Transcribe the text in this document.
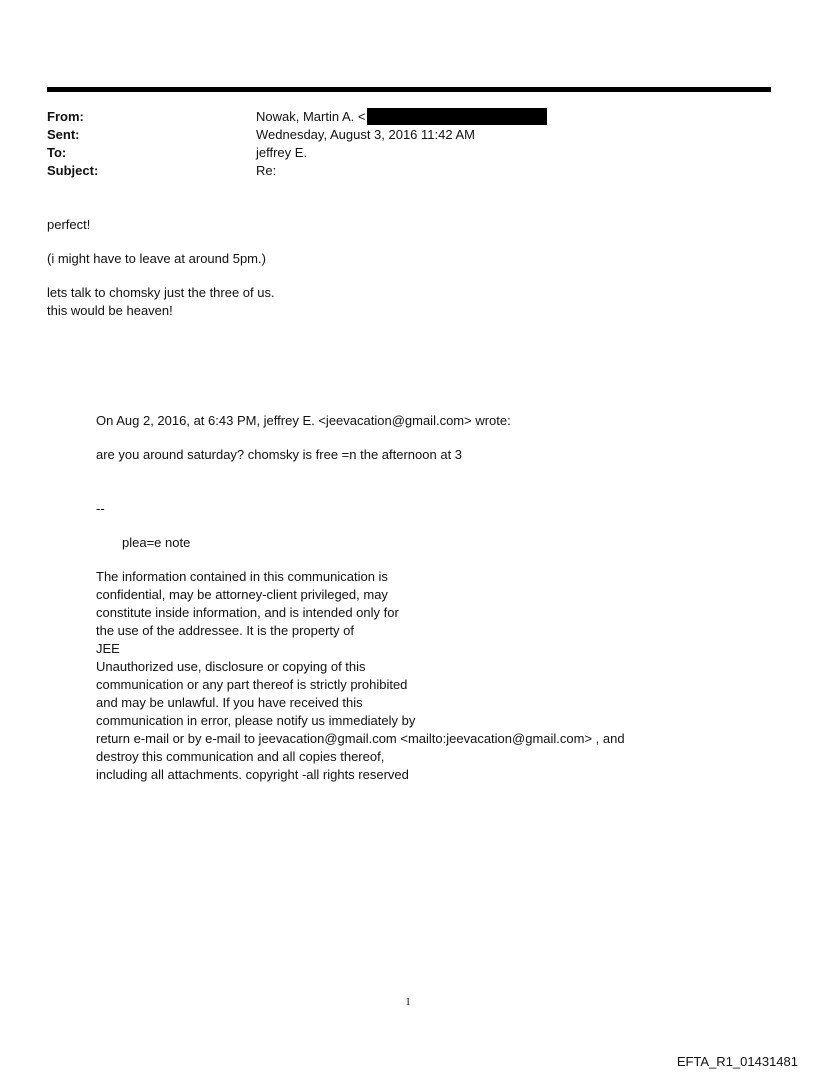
From:	Nowak, Martin A. <
Sent:	Wednesday, August 3, 2016 11:42 AM
To:	jeffrey E.
Subject:	Re:

perfect!

(i might have to leave at around 5pm.)

lets talk to chomsky just the three of us.
this would be heaven!

On Aug 2, 2016, at 6:43 PM, jeffrey E. <jeevacation@gmail.com> wrote:

are you around saturday? chomsky is free =n the afternoon at 3

--

plea=e note

The information contained in this communication is
confidential, may be attorney-client privileged, may
constitute inside information, and is intended only for
the use of the addressee. It is the property of
JEE
Unauthorized use, disclosure or copying of this
communication or any part thereof is strictly prohibited
and may be unlawful. If you have received this
communication in error, please notify us immediately by
return e-mail or by e-mail to jeevacation@gmail.com <mailto:jeevacation@gmail.com> , and
destroy this communication and all copies thereof,
including all attachments. copyright -all rights reserved
1
EFTA_R1_01431481
